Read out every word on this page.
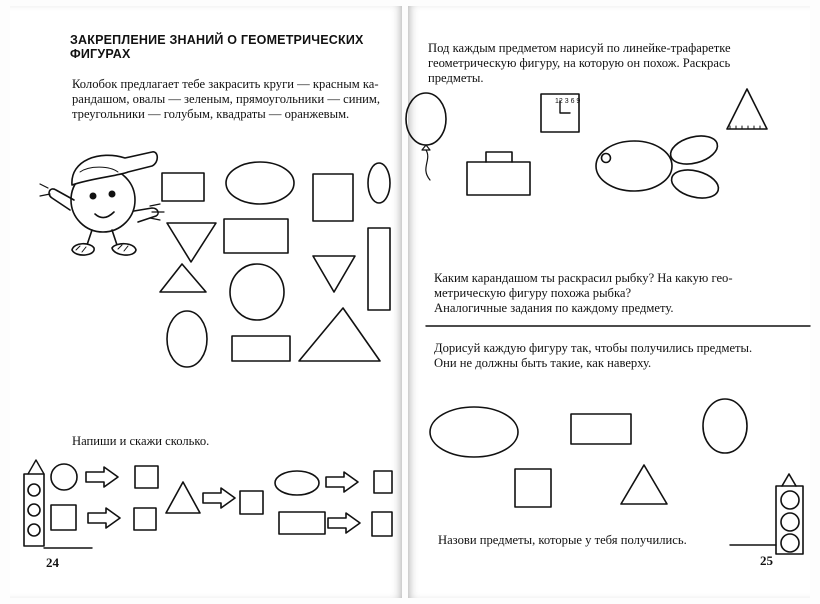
ЗАКРЕПЛЕНИЕ ЗНАНИЙ О ГЕОМЕТРИЧЕСКИХ ФИГУРАХ
Колобок предлагает тебе закрасить круги — красным ка-
рандашом, овалы — зеленым, прямоугольники — синим,
треугольники — голубым, квадраты — оранжевым.
Напиши и скажи сколько.
24
Под каждым предметом нарисуй по линейке-трафаретке
геометрическую фигуру, на которую он похож. Раскрась
предметы.
Каким карандашом ты раскрасил рыбку? На какую гео-
метрическую фигуру похожа рыбка?
Аналогичные задания по каждому предмету.
Дорисуй каждую фигуру так, чтобы получились предметы.
Они не должны быть такие, как наверху.
Назови предметы, которые у тебя получились.
25
12 3 6 9
